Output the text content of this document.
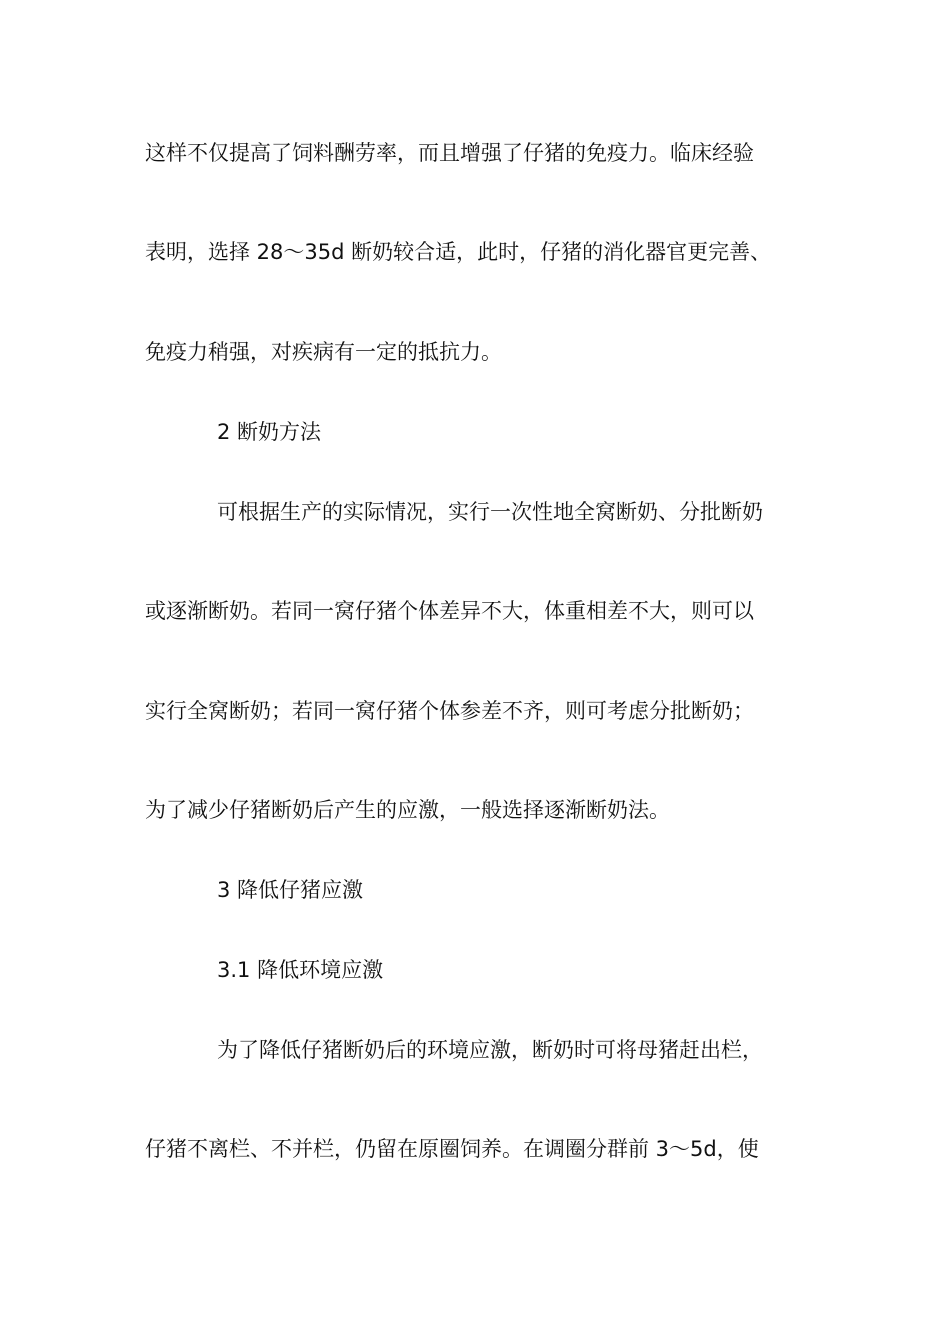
这样不仅提高了饲料酬劳率，而且增强了仔猪的免疫力。临床经验
表明，选择 28～35d 断奶较合适，此时，仔猪的消化器官更完善、
免疫力稍强，对疾病有一定的抵抗力。
2 断奶方法
可根据生产的实际情况，实行一次性地全窝断奶、分批断奶
或逐渐断奶。若同一窝仔猪个体差异不大，体重相差不大，则可以
实行全窝断奶；若同一窝仔猪个体参差不齐，则可考虑分批断奶；
为了减少仔猪断奶后产生的应激，一般选择逐渐断奶法。
3 降低仔猪应激
3.1 降低环境应激
为了降低仔猪断奶后的环境应激，断奶时可将母猪赶出栏，
仔猪不离栏、不并栏，仍留在原圈饲养。在调圈分群前 3～5d，使
